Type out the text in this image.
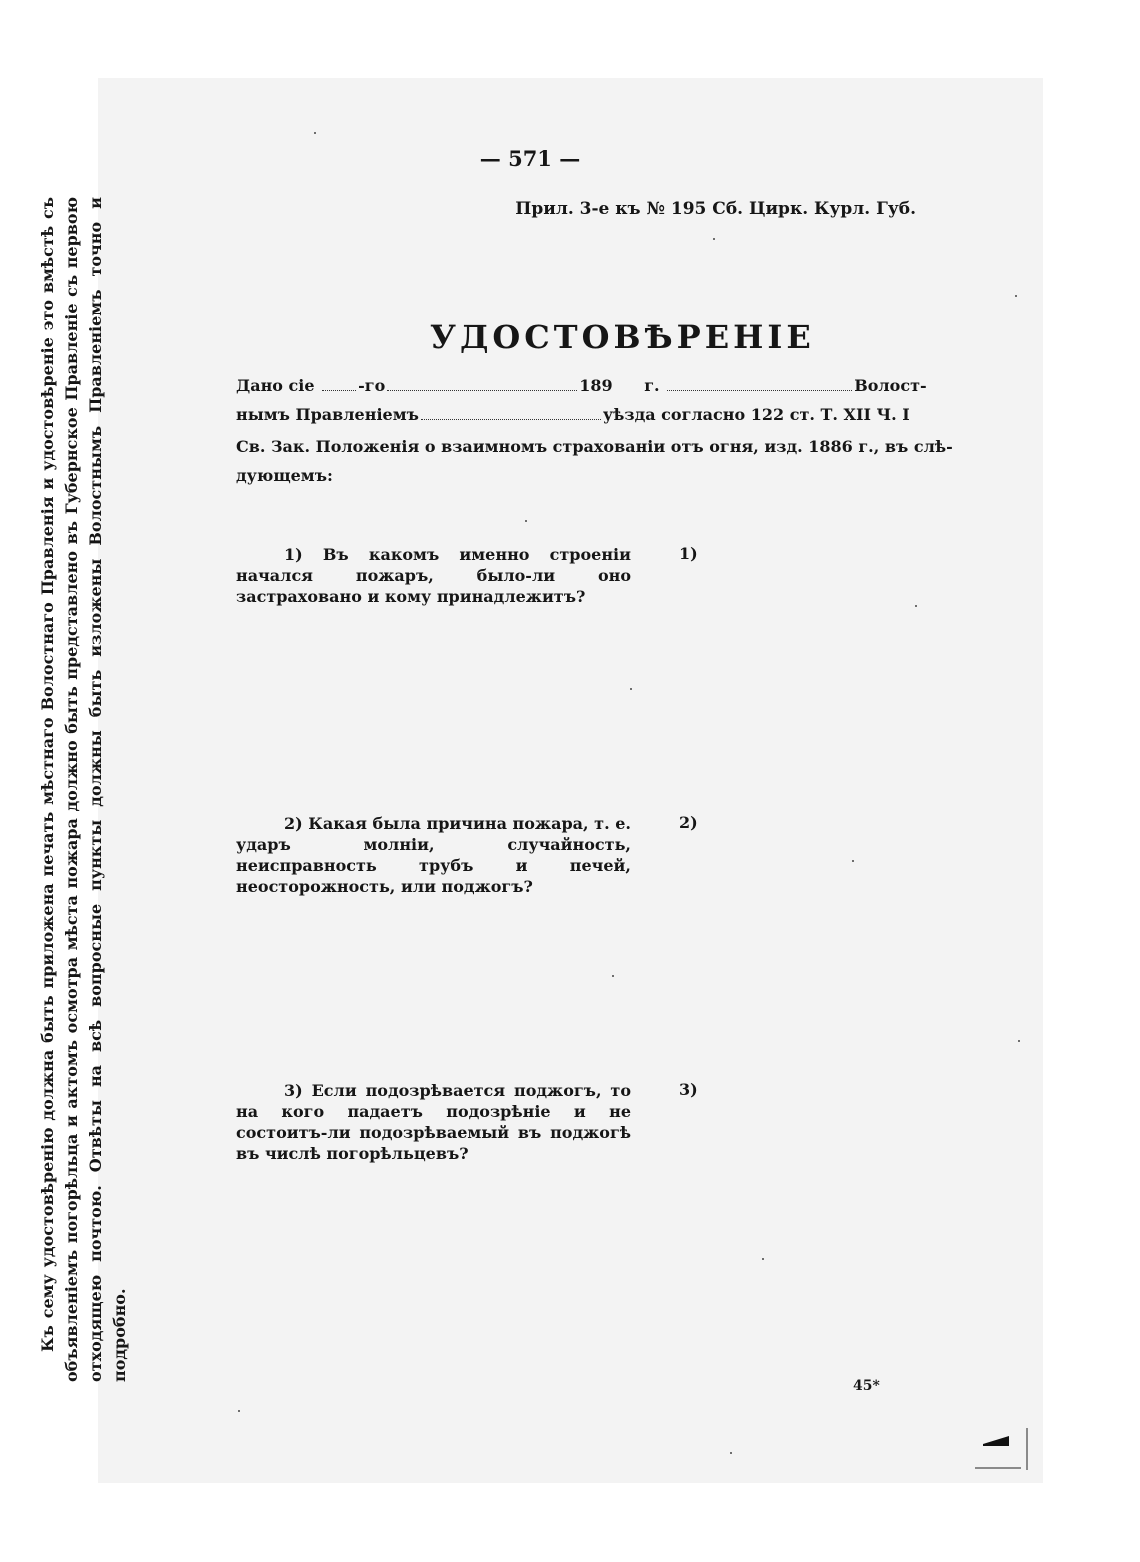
— 571 —
Прил. 3-е къ № 195 Сб. Цирк. Курл. Губ.
УДОСТОВѢРЕНІЕ
Дано сіе	-го	189 г.	Волост-
нымъ Правленіемъ	уѣзда согласно 122 ст. Т. XII Ч. I
Св. Зак. Положенія о взаимномъ страхованіи отъ огня, изд. 1886 г., въ слѣ-
дующемъ:
1) Въ какомъ именно строеніи начался пожаръ, было-ли оно застраховано и кому принадлежитъ?
1)
2) Какая была причина пожара, т. е. ударъ молніи, случайность, неисправность трубъ и печей, неосторожность, или поджогъ?
2)
3) Если подозрѣвается поджогъ, то на кого падаетъ подозрѣніе и не состоитъ-ли подозрѣваемый въ поджогѣ въ числѣ погорѣльцевъ?
3)
Къ сему удостовѣренію должна быть приложена печать мѣстнаго Волостнаго Правленія и удостовѣреніе это вмѣстѣ съ объявленіемъ погорѣльца и актомъ осмотра мѣста пожара должно быть представлено въ Губернское Правленіе съ первою отходящею почтою. Отвѣты на всѣ вопросные пункты должны быть изложены Волостнымъ Правленіемъ точно и подробно.
45*
